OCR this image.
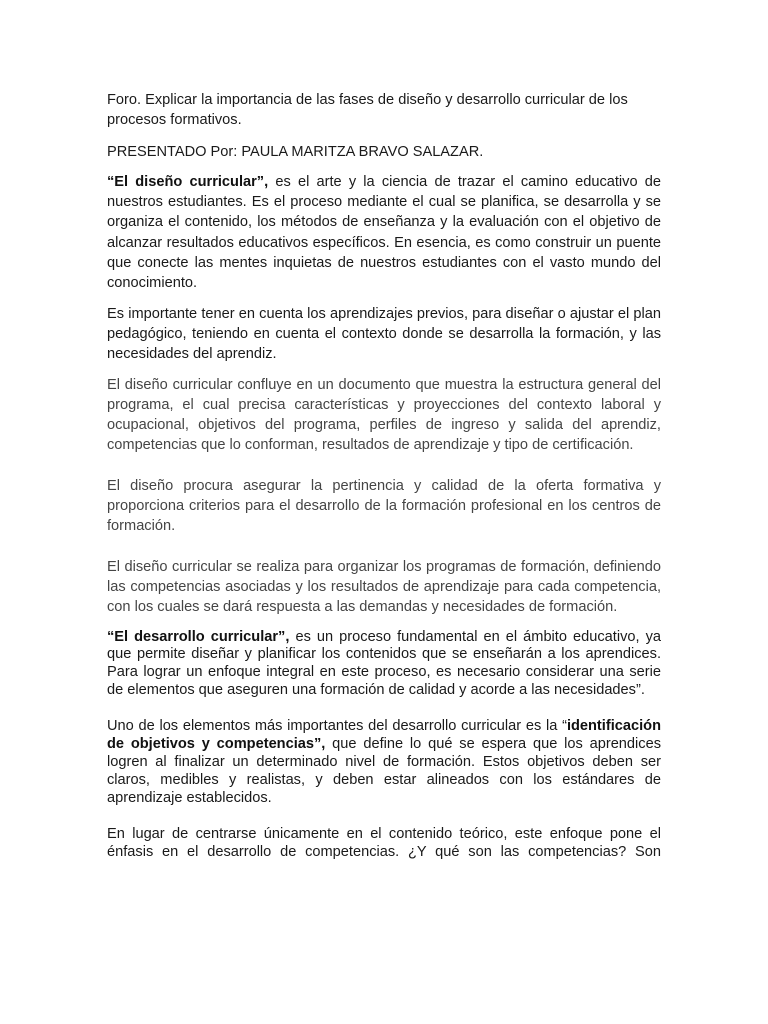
Foro. Explicar la importancia de las fases de diseño y desarrollo curricular de los procesos formativos.

PRESENTADO Por: PAULA MARITZA BRAVO SALAZAR.

“El diseño curricular”, es el arte y la ciencia de trazar el camino educativo de nuestros estudiantes. Es el proceso mediante el cual se planifica, se desarrolla y se organiza el contenido, los métodos de enseñanza y la evaluación con el objetivo de alcanzar resultados educativos específicos. En esencia, es como construir un puente que conecte las mentes inquietas de nuestros estudiantes con el vasto mundo del conocimiento.

Es importante tener en cuenta los aprendizajes previos, para diseñar o ajustar el plan pedagógico, teniendo en cuenta el contexto donde se desarrolla la formación, y las necesidades del aprendiz.

El diseño curricular confluye en un documento que muestra la estructura general del programa, el cual precisa características y proyecciones del contexto laboral y ocupacional, objetivos del programa, perfiles de ingreso y salida del aprendiz, competencias que lo conforman, resultados de aprendizaje y tipo de certificación.

El diseño procura asegurar la pertinencia y calidad de la oferta formativa y proporciona criterios para el desarrollo de la formación profesional en los centros de formación.

El diseño curricular se realiza para organizar los programas de formación, definiendo las competencias asociadas y los resultados de aprendizaje para cada competencia, con los cuales se dará respuesta a las demandas y necesidades de formación.

“El desarrollo curricular”, es un proceso fundamental en el ámbito educativo, ya que permite diseñar y planificar los contenidos que se enseñarán a los aprendices. Para lograr un enfoque integral en este proceso, es necesario considerar una serie de elementos que aseguren una formación de calidad y acorde a las necesidades”.

Uno de los elementos más importantes del desarrollo curricular es la “identificación de objetivos y competencias”, que define lo qué se espera que los aprendices logren al finalizar un determinado nivel de formación. Estos objetivos deben ser claros, medibles y realistas, y deben estar alineados con los estándares de aprendizaje establecidos.

En lugar de centrarse únicamente en el contenido teórico, este enfoque pone el énfasis en el desarrollo de competencias. ¿Y qué son las competencias? Son
